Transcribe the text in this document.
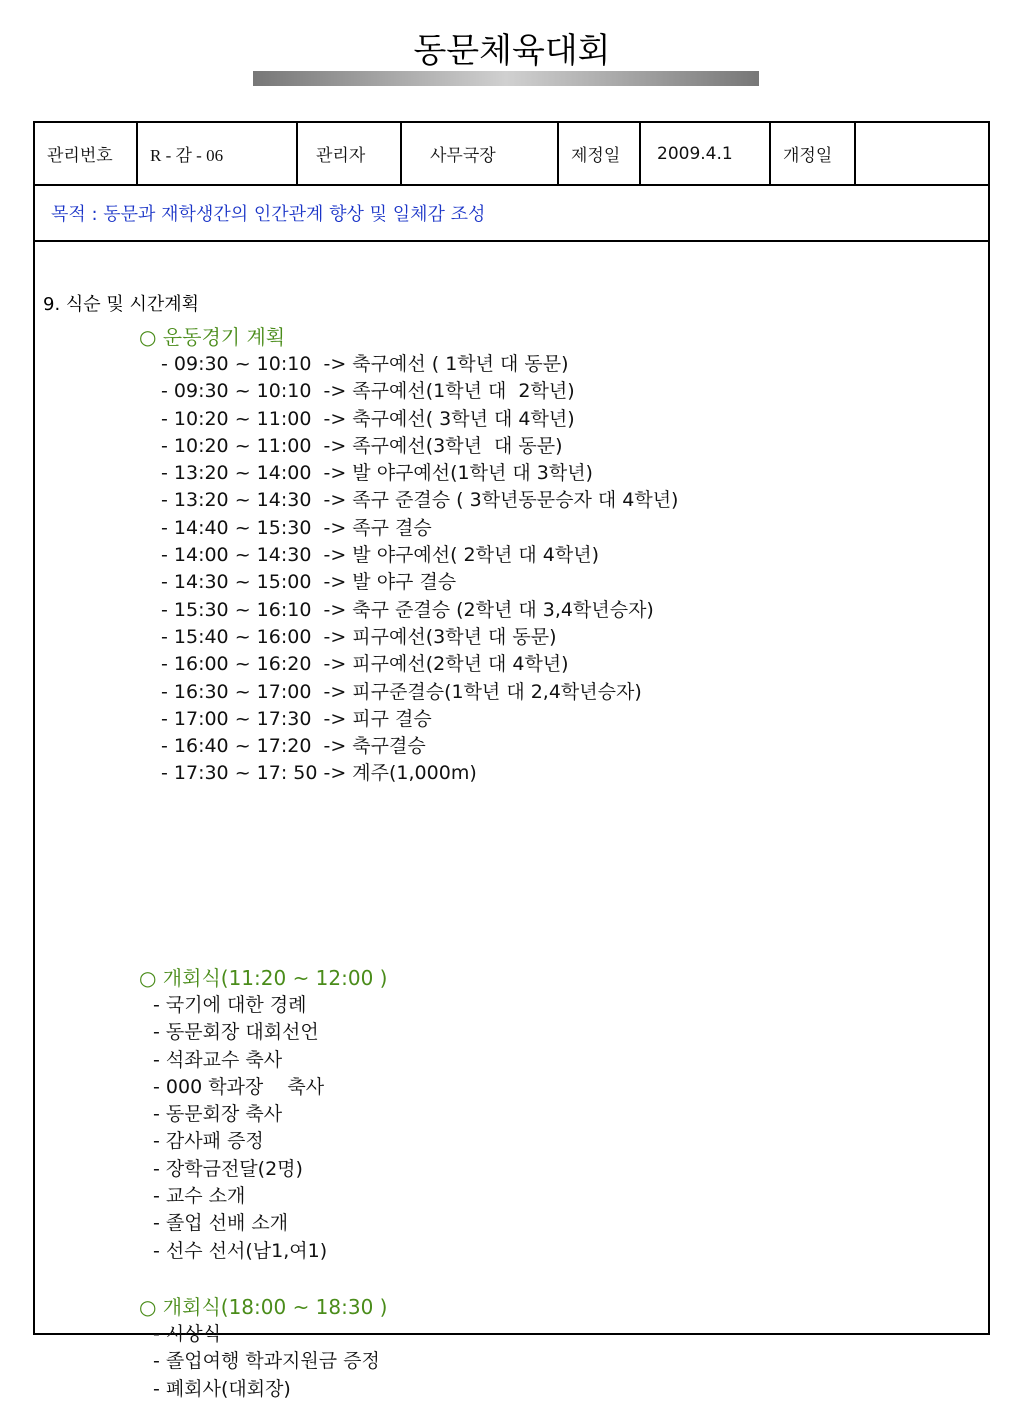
동문체육대회
관리번호	R - 감 - 06	관리자	사무국장	제정일	2009.4.1	개정일
목적 : 동문과 재학생간의 인간관계 향상 및 일체감 조성
9. 식순 및 시간계획
○ 운동경기 계획
- 09:30 ~ 10:10  -> 축구예선 ( 1학년 대 동문)
- 09:30 ~ 10:10  -> 족구예선(1학년 대  2학년)
- 10:20 ~ 11:00  -> 축구예선( 3학년 대 4학년)
- 10:20 ~ 11:00  -> 족구예선(3학년  대 동문)
- 13:20 ~ 14:00  -> 발 야구예선(1학년 대 3학년)
- 13:20 ~ 14:30  -> 족구 준결승 ( 3학년동문승자 대 4학년)
- 14:40 ~ 15:30  -> 족구 결승
- 14:00 ~ 14:30  -> 발 야구예선( 2학년 대 4학년)
- 14:30 ~ 15:00  -> 발 야구 결승
- 15:30 ~ 16:10  -> 축구 준결승 (2학년 대 3,4학년승자)
- 15:40 ~ 16:00  -> 피구예선(3학년 대 동문)
- 16:00 ~ 16:20  -> 피구예선(2학년 대 4학년)
- 16:30 ~ 17:00  -> 피구준결승(1학년 대 2,4학년승자)
- 17:00 ~ 17:30  -> 피구 결승
- 16:40 ~ 17:20  -> 축구결승
- 17:30 ~ 17: 50 -> 계주(1,000m)
○ 개회식(11:20 ~ 12:00 )
- 국기에 대한 경례
- 동문회장 대회선언
- 석좌교수 축사
- 000 학과장    축사
- 동문회장 축사
- 감사패 증정
- 장학금전달(2명)
- 교수 소개
- 졸업 선배 소개
- 선수 선서(남1,여1)
○ 개회식(18:00 ~ 18:30 )
- 시상식
- 졸업여행 학과지원금 증정
- 폐회사(대회장)
